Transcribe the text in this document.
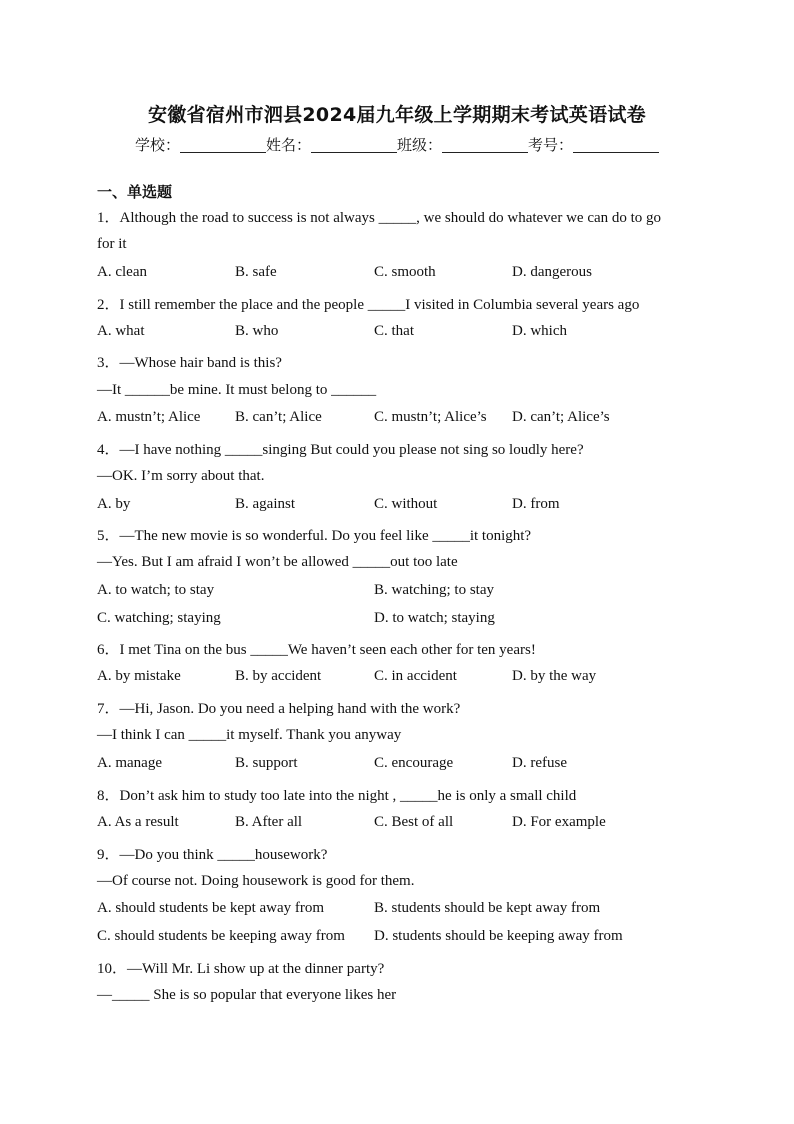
安徽省宿州市泗县2024届九年级上学期期末考试英语试卷
学校：	姓名：	班级：	考号：
一、单选题
1．Although the road to success is not always _____, we should do whatever we can do to go
for it
A. clean	B. safe	C. smooth	D. dangerous
2．I still remember the place and the people _____I visited in Columbia several years ago
A. what	B. who	C. that	D. which
3．—Whose hair band is this?
—It ______be mine. It must belong to ______
A. mustn’t; Alice B. can’t; Alice	C. mustn’t; Alice’s D. can’t; Alice’s
4．—I have nothing _____singing But could you please not sing so loudly here?
—OK. I’m sorry about that.
A. by	B. against	C. without	D. from
5．—The new movie is so wonderful. Do you feel like _____it tonight?
—Yes. But I am afraid I won’t be allowed _____out too late
A. to watch; to stay	B. watching; to stay
C. watching; staying	D. to watch; staying
6．I met Tina on the bus _____We haven’t seen each other for ten years!
A. by mistake	B. by accident	C. in accident	D. by the way
7．—Hi, Jason. Do you need a helping hand with the work?
—I think I can _____it myself. Thank you anyway
A. manage	B. support	C. encourage	D. refuse
8．Don’t ask him to study too late into the night , _____he is only a small child
A. As a result	B. After all	C. Best of all	D. For example
9．—Do you think _____housework?
—Of course not. Doing housework is good for them.
A. should students be kept away from	B. students should be kept away from
C. should students be keeping away from D. students should be keeping away from
10．—Will Mr. Li show up at the dinner party?
—_____ She is so popular that everyone likes her
